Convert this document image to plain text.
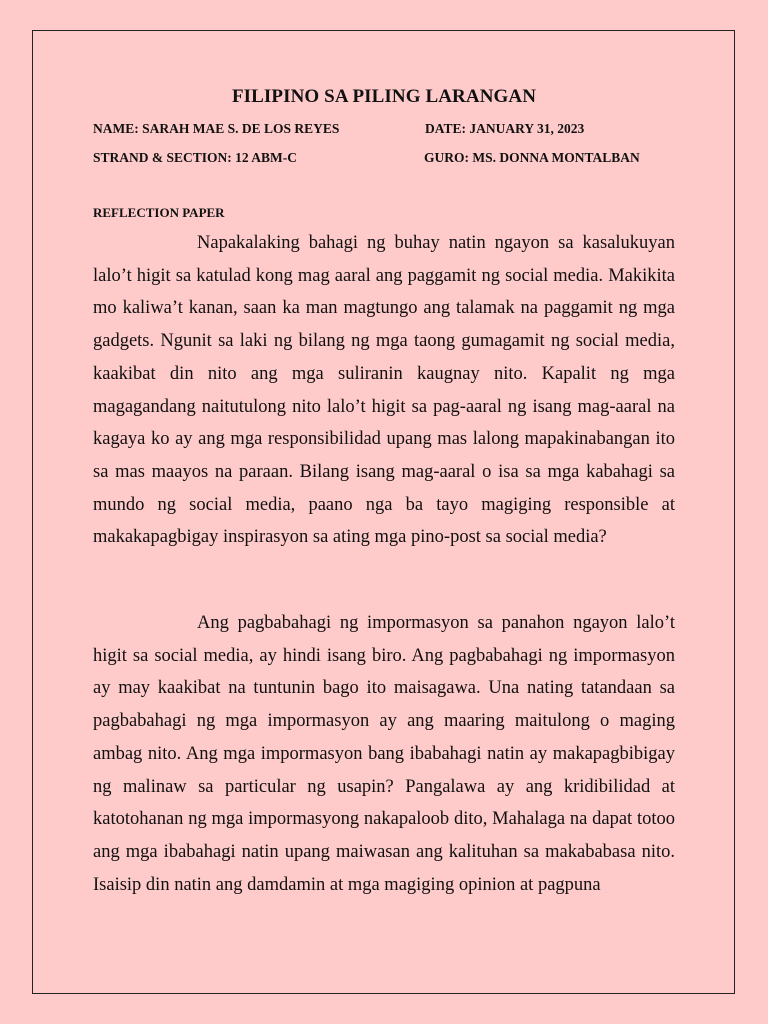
FILIPINO SA PILING LARANGAN
NAME: SARAH MAE S. DE LOS REYES	DATE: JANUARY 31, 2023
STRAND & SECTION: 12 ABM-C	GURO: MS. DONNA MONTALBAN
REFLECTION PAPER

Napakalaking bahagi ng buhay natin ngayon sa kasalukuyan lalo’t higit sa katulad kong mag aaral ang paggamit ng social media. Makikita mo kaliwa’t kanan, saan ka man magtungo ang talamak na paggamit ng mga gadgets. Ngunit sa laki ng bilang ng mga taong gumagamit ng social media, kaakibat din nito ang mga suliranin kaugnay nito. Kapalit ng mga magagandang naitutulong nito lalo’t higit sa pag-aaral ng isang mag-aaral na kagaya ko ay ang mga responsibilidad upang mas lalong mapakinabangan ito sa mas maayos na paraan. Bilang isang mag-aaral o isa sa mga kabahagi sa mundo ng social media, paano nga ba tayo magiging responsible at makakapagbigay inspirasyon sa ating mga pino-post sa social media?

Ang pagbabahagi ng impormasyon sa panahon ngayon lalo’t higit sa social media, ay hindi isang biro. Ang pagbabahagi ng impormasyon ay may kaakibat na tuntunin bago ito maisagawa. Una nating tatandaan sa pagbabahagi ng mga impormasyon ay ang maaring maitulong o maging ambag nito. Ang mga impormasyon bang ibabahagi natin ay makapagbibigay ng malinaw sa particular ng usapin? Pangalawa ay ang kridibilidad at katotohanan ng mga impormasyong nakapaloob dito, Mahalaga na dapat totoo ang mga ibabahagi natin upang maiwasan ang kalituhan sa makababasa nito. Isaisip din natin ang damdamin at mga magiging opinion at pagpuna
